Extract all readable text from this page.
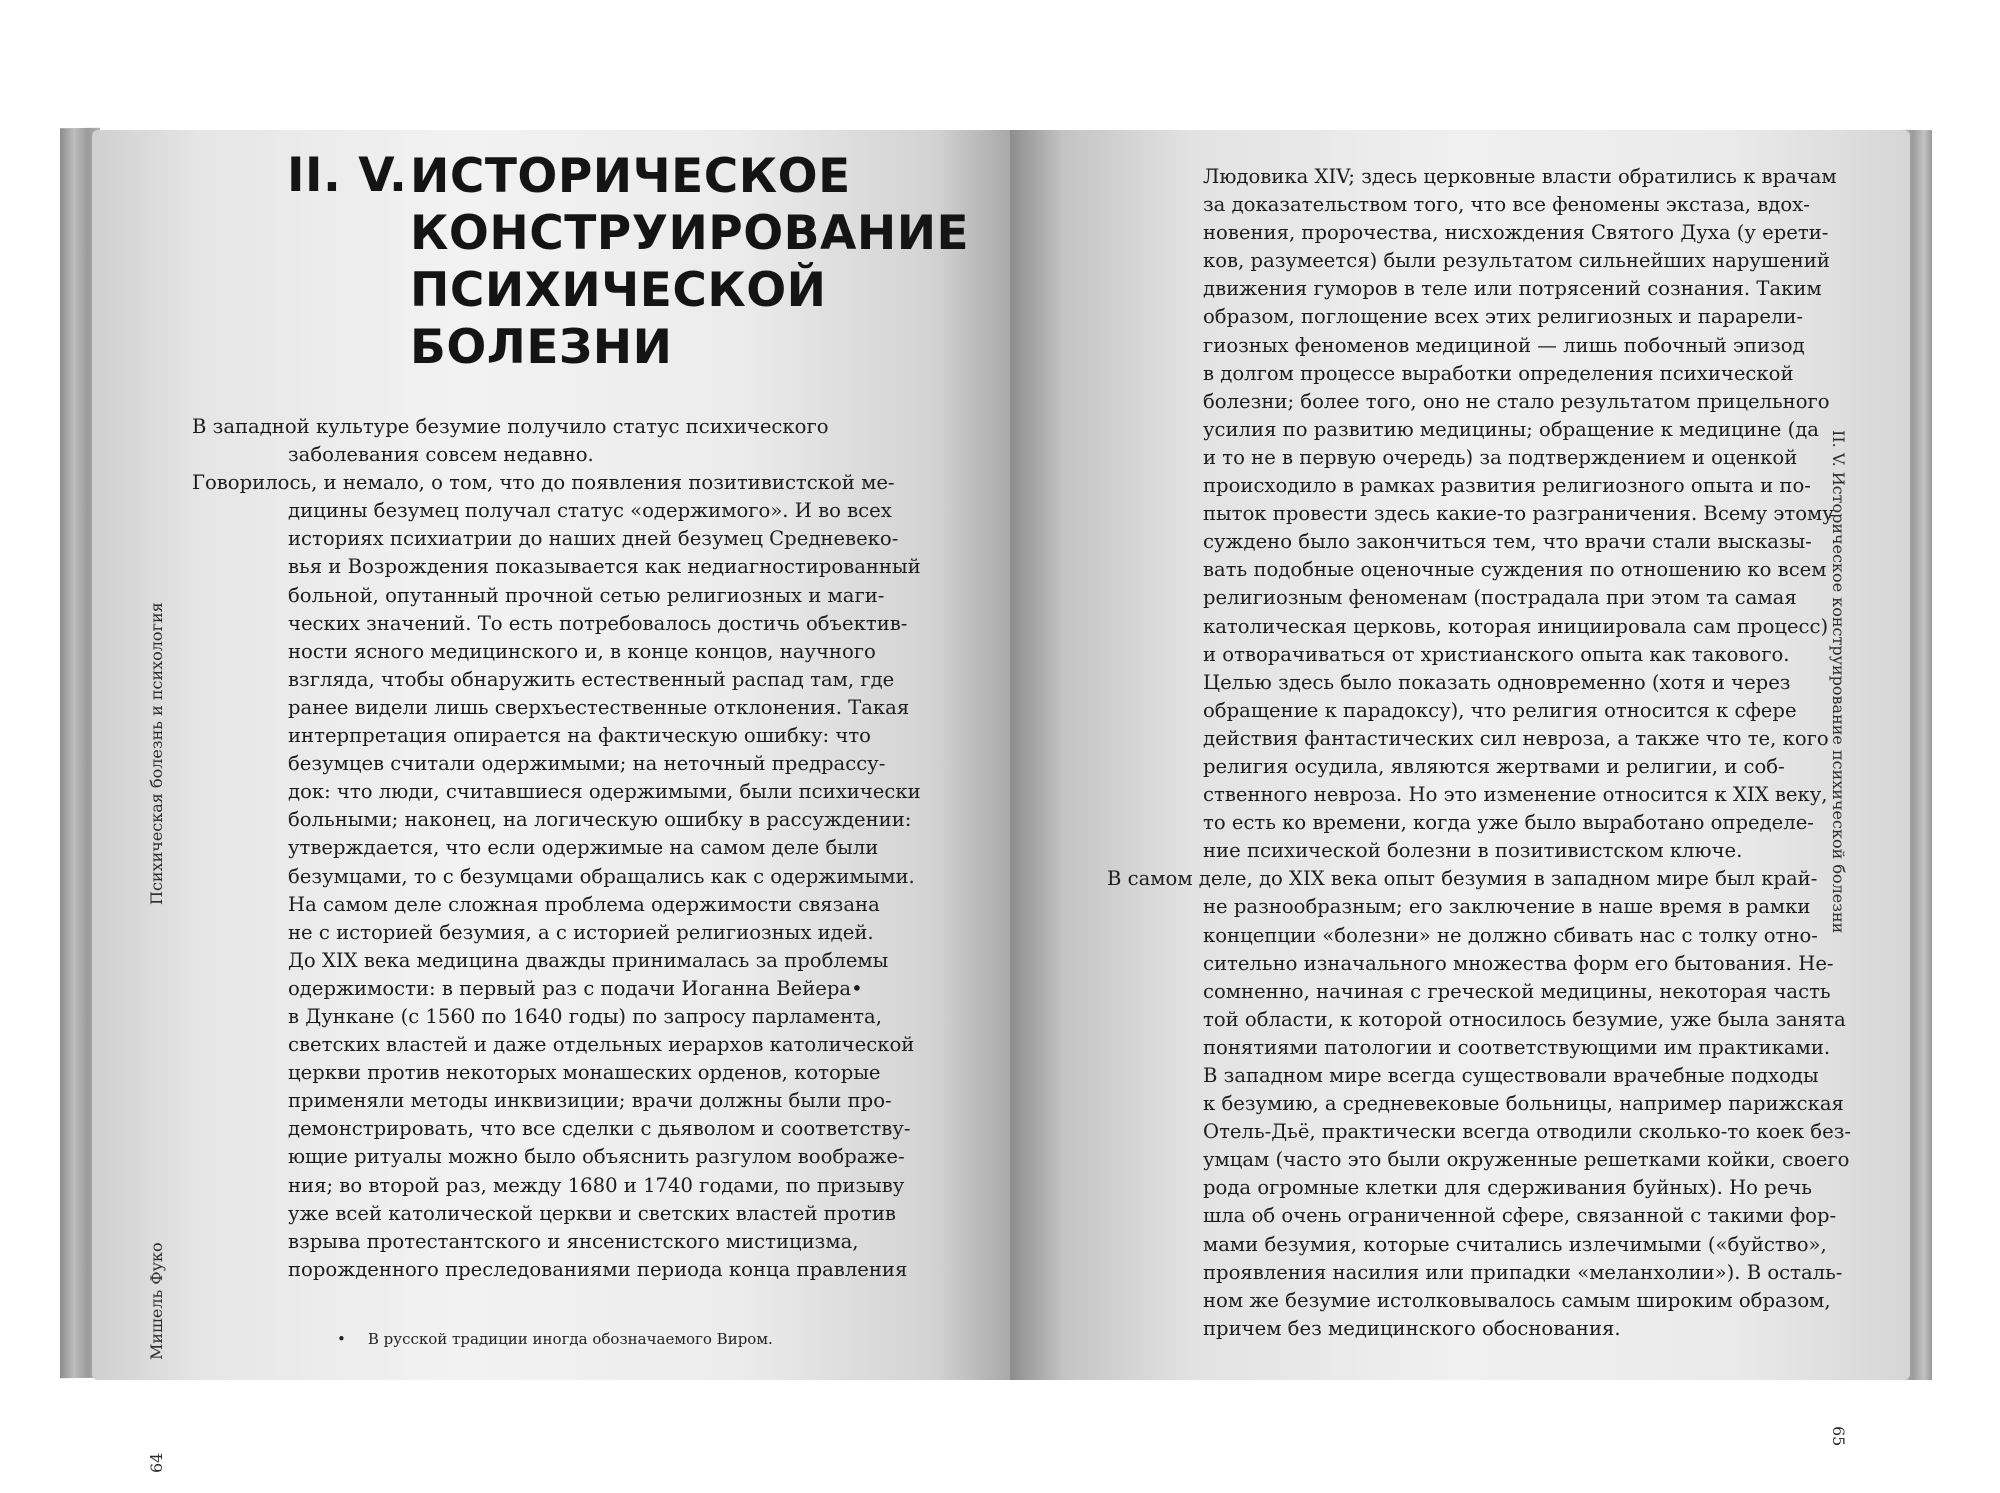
Психическая болезнь и психология
Мишель Фуко
64
II. V. ИСТОРИЧЕСКОЕ
КОНСТРУИРОВАНИЕ
ПСИХИЧЕСКОЙ
БОЛЕЗНИ
В западной культуре безумие получило статус психического
заболевания совсем недавно.
Говорилось, и немало, о том, что до появления позитивистской ме-
дицины безумец получал статус «одержимого». И во всех
историях психиатрии до наших дней безумец Средневеко-
вья и Возрождения показывается как недиагностированный
больной, опутанный прочной сетью религиозных и маги-
ческих значений. То есть потребовалось достичь объектив-
ности ясного медицинского и, в конце концов, научного
взгляда, чтобы обнаружить естественный распад там, где
ранее видели лишь сверхъестественные отклонения. Такая
интерпретация опирается на фактическую ошибку: что
безумцев считали одержимыми; на неточный предрассу-
док: что люди, считавшиеся одержимыми, были психически
больными; наконец, на логическую ошибку в рассуждении:
утверждается, что если одержимые на самом деле были
безумцами, то с безумцами обращались как с одержимыми.
На самом деле сложная проблема одержимости связана
не с историей безумия, а с историей религиозных идей.
До XIX века медицина дважды принималась за проблемы
одержимости: в первый раз с подачи Иоганна Вейера•
в Дункане (с 1560 по 1640 годы) по запросу парламента,
светских властей и даже отдельных иерархов католической
церкви против некоторых монашеских орденов, которые
применяли методы инквизиции; врачи должны были про-
демонстрировать, что все сделки с дьяволом и соответству-
ющие ритуалы можно было объяснить разгулом воображе-
ния; во второй раз, между 1680 и 1740 годами, по призыву
уже всей католической церкви и светских властей против
взрыва протестантского и янсенистского мистицизма,
порожденного преследованиями периода конца правления
• В русской традиции иногда обозначаемого Виром.
II. V. Историческое конструирование психической болезни
65
Людовика XIV; здесь церковные власти обратились к врачам
за доказательством того, что все феномены экстаза, вдох-
новения, пророчества, нисхождения Святого Духа (у ерети-
ков, разумеется) были результатом сильнейших нарушений
движения гуморов в теле или потрясений сознания. Таким
образом, поглощение всех этих религиозных и парарели-
гиозных феноменов медициной — лишь побочный эпизод
в долгом процессе выработки определения психической
болезни; более того, оно не стало результатом прицельного
усилия по развитию медицины; обращение к медицине (да
и то не в первую очередь) за подтверждением и оценкой
происходило в рамках развития религиозного опыта и по-
пыток провести здесь какие-то разграничения. Всему этому
суждено было закончиться тем, что врачи стали высказы-
вать подобные оценочные суждения по отношению ко всем
религиозным феноменам (пострадала при этом та самая
католическая церковь, которая инициировала сам процесс)
и отворачиваться от христианского опыта как такового.
Целью здесь было показать одновременно (хотя и через
обращение к парадоксу), что религия относится к сфере
действия фантастических сил невроза, а также что те, кого
религия осудила, являются жертвами и религии, и соб-
ственного невроза. Но это изменение относится к XIX веку,
то есть ко времени, когда уже было выработано определе-
ние психической болезни в позитивистском ключе.
В самом деле, до XIX века опыт безумия в западном мире был край-
не разнообразным; его заключение в наше время в рамки
концепции «болезни» не должно сбивать нас с толку отно-
сительно изначального множества форм его бытования. Не-
сомненно, начиная с греческой медицины, некоторая часть
той области, к которой относилось безумие, уже была занята
понятиями патологии и соответствующими им практиками.
В западном мире всегда существовали врачебные подходы
к безумию, а средневековые больницы, например парижская
Отель-Дьё, практически всегда отводили сколько-то коек без-
умцам (часто это были окруженные решетками койки, своего
рода огромные клетки для сдерживания буйных). Но речь
шла об очень ограниченной сфере, связанной с такими фор-
мами безумия, которые считались излечимыми («буйство»,
проявления насилия или припадки «меланхолии»). В осталь-
ном же безумие истолковывалось самым широким образом,
причем без медицинского обоснования.
